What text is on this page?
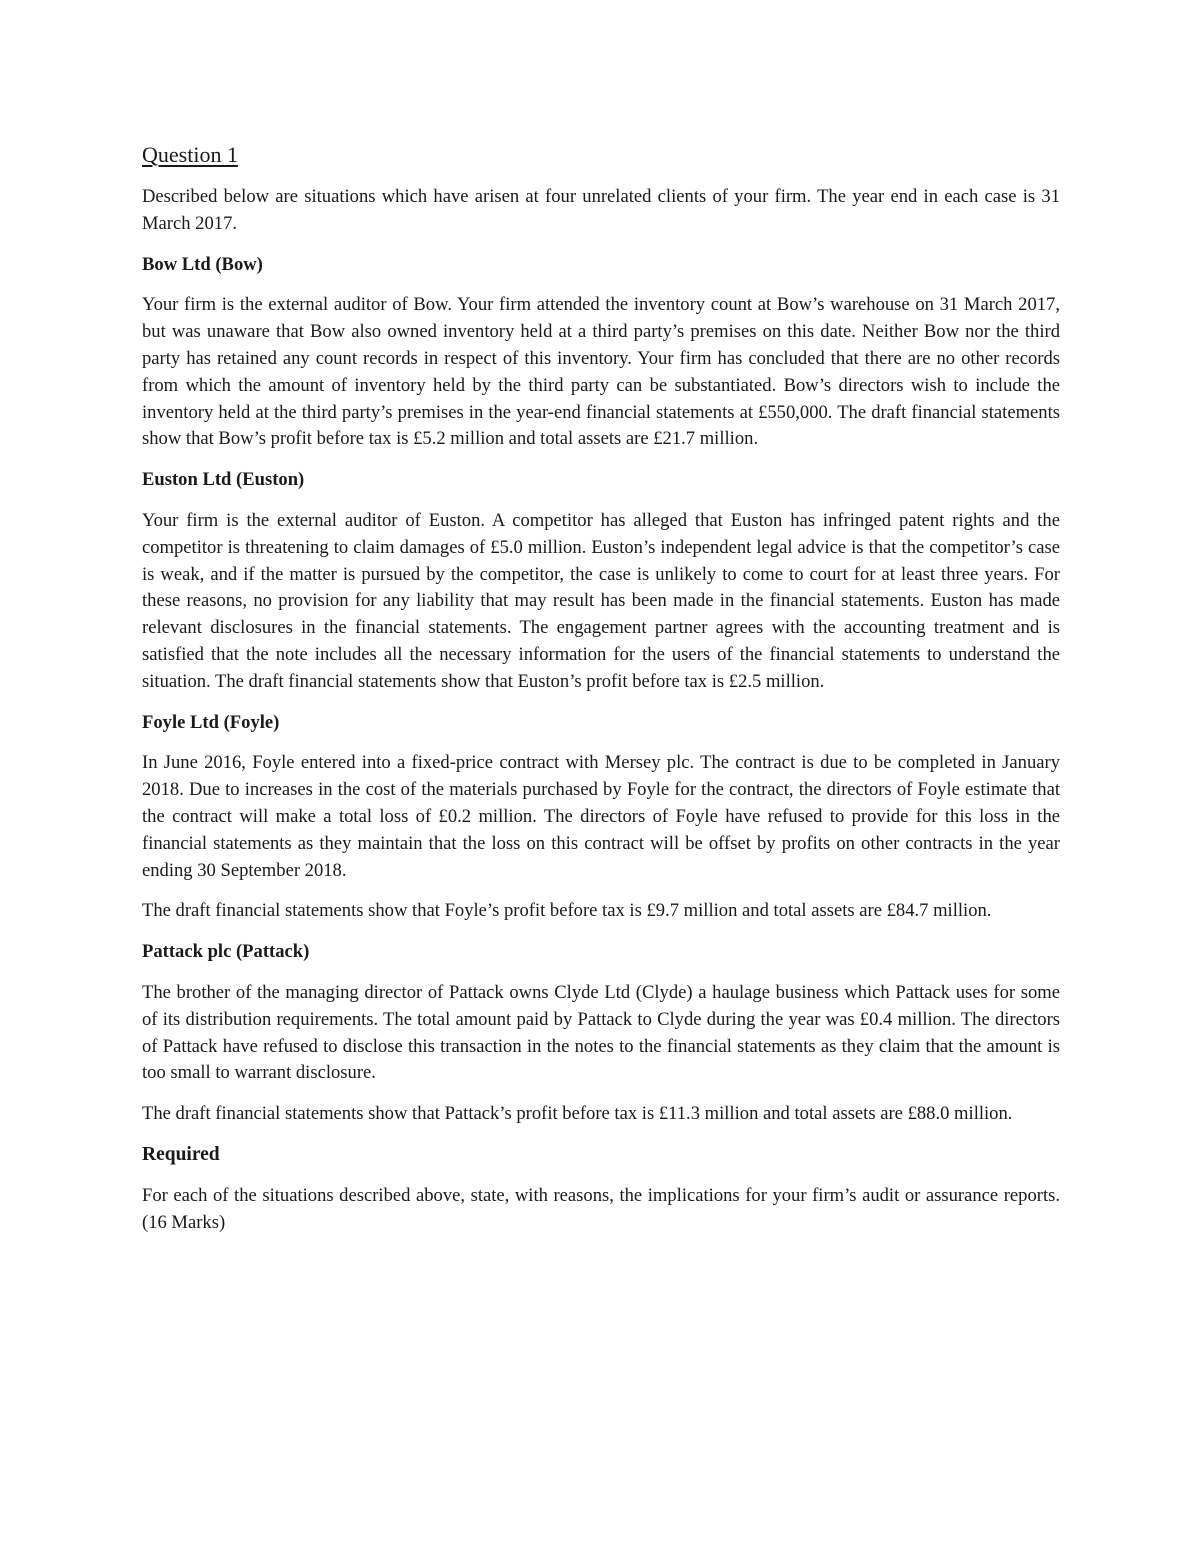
Question 1

Described below are situations which have arisen at four unrelated clients of your firm. The year end in each case is 31 March 2017.

Bow Ltd (Bow)

Your firm is the external auditor of Bow. Your firm attended the inventory count at Bow’s warehouse on 31 March 2017, but was unaware that Bow also owned inventory held at a third party’s premises on this date. Neither Bow nor the third party has retained any count records in respect of this inventory. Your firm has concluded that there are no other records from which the amount of inventory held by the third party can be substantiated. Bow’s directors wish to include the inventory held at the third party’s premises in the year-end financial statements at £550,000. The draft financial statements show that Bow’s profit before tax is £5.2 million and total assets are £21.7 million.

Euston Ltd (Euston)

Your firm is the external auditor of Euston. A competitor has alleged that Euston has infringed patent rights and the competitor is threatening to claim damages of £5.0 million. Euston’s independent legal advice is that the competitor’s case is weak, and if the matter is pursued by the competitor, the case is unlikely to come to court for at least three years. For these reasons, no provision for any liability that may result has been made in the financial statements. Euston has made relevant disclosures in the financial statements. The engagement partner agrees with the accounting treatment and is satisfied that the note includes all the necessary information for the users of the financial statements to understand the situation. The draft financial statements show that Euston’s profit before tax is £2.5 million.

Foyle Ltd (Foyle)

In June 2016, Foyle entered into a fixed-price contract with Mersey plc. The contract is due to be completed in January 2018. Due to increases in the cost of the materials purchased by Foyle for the contract, the directors of Foyle estimate that the contract will make a total loss of £0.2 million. The directors of Foyle have refused to provide for this loss in the financial statements as they maintain that the loss on this contract will be offset by profits on other contracts in the year ending 30 September 2018.

The draft financial statements show that Foyle’s profit before tax is £9.7 million and total assets are £84.7 million.

Pattack plc (Pattack)

The brother of the managing director of Pattack owns Clyde Ltd (Clyde) a haulage business which Pattack uses for some of its distribution requirements. The total amount paid by Pattack to Clyde during the year was £0.4 million. The directors of Pattack have refused to disclose this transaction in the notes to the financial statements as they claim that the amount is too small to warrant disclosure.

The draft financial statements show that Pattack’s profit before tax is £11.3 million and total assets are £88.0 million.

Required

For each of the situations described above, state, with reasons, the implications for your firm’s audit or assurance reports. (16 Marks)
